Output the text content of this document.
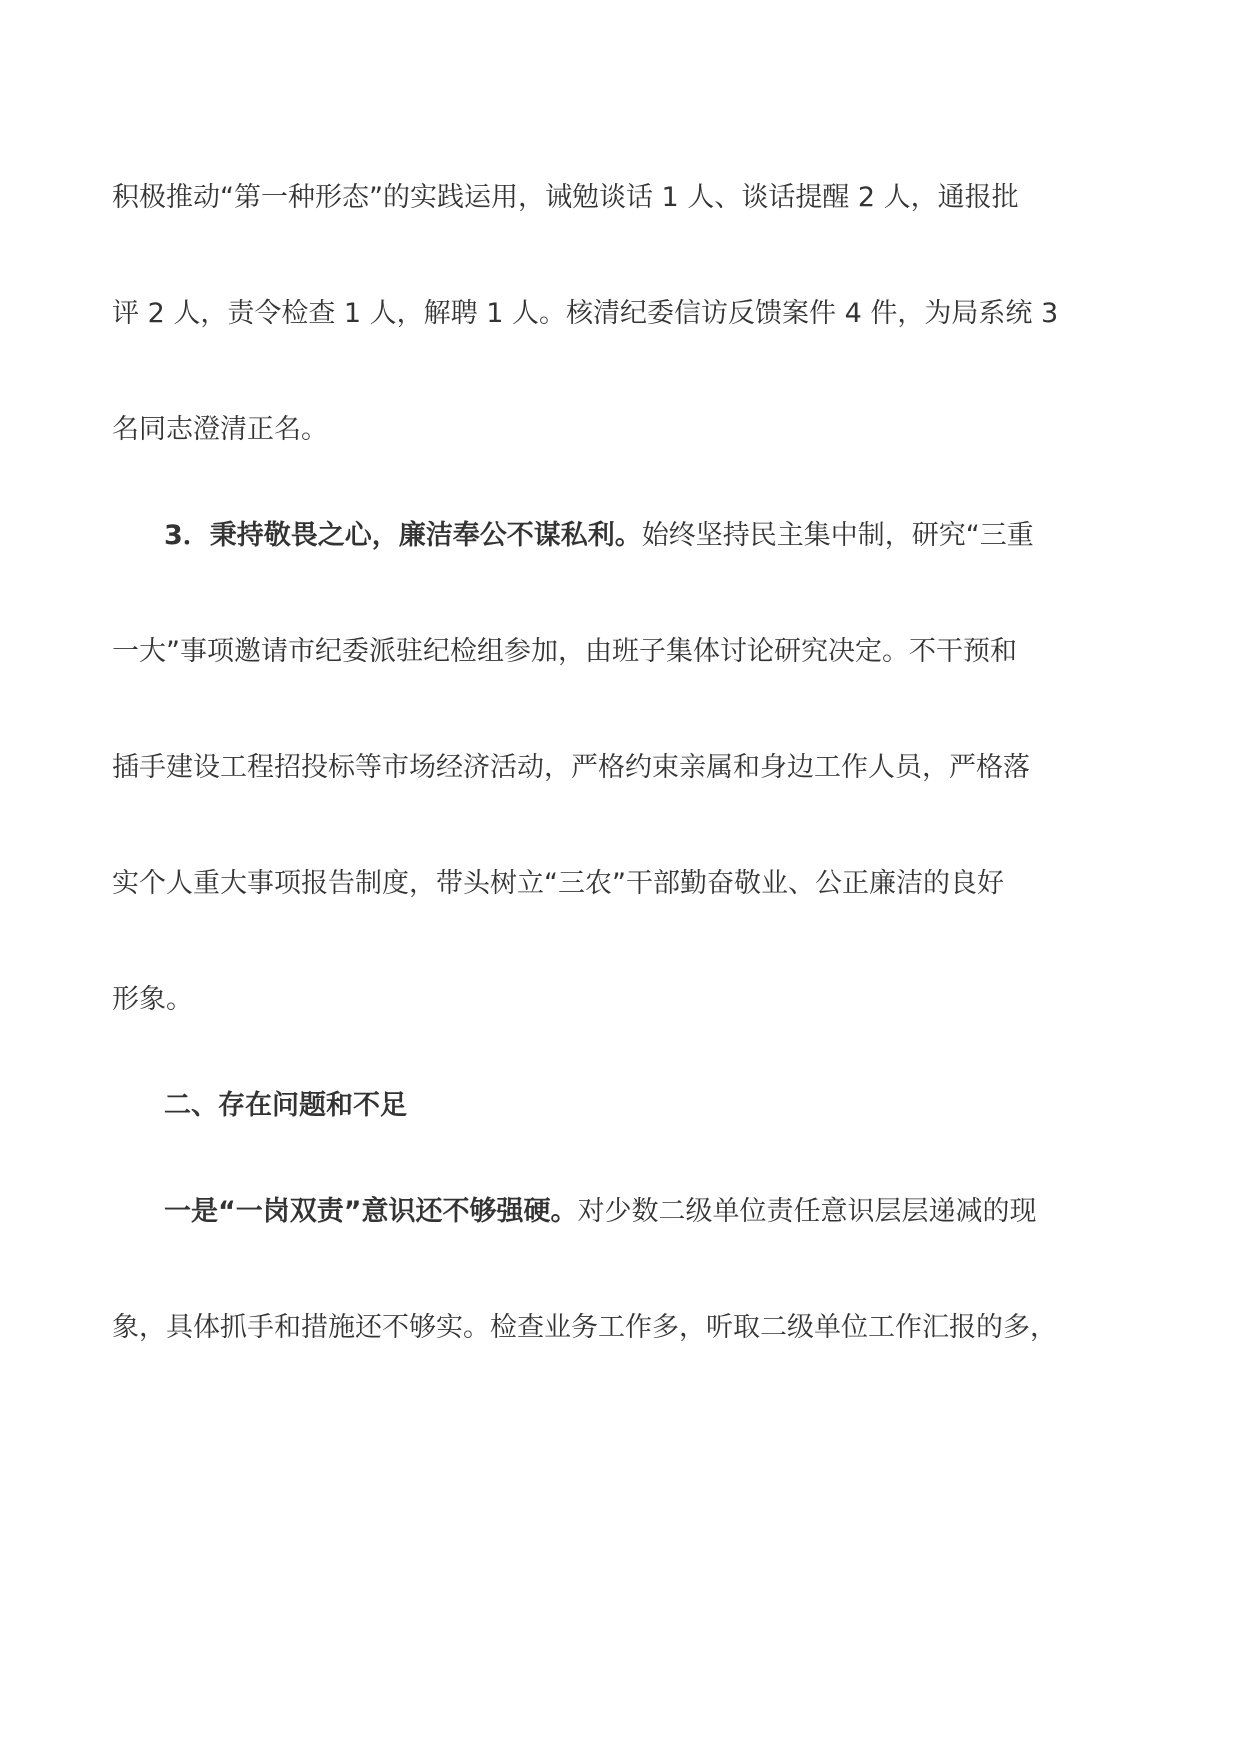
积极推动“第一种形态”的实践运用，诫勉谈话 1 人、谈话提醒 2 人，通报批
评 2 人，责令检查 1 人，解聘 1 人。核清纪委信访反馈案件 4 件，为局系统 3
名同志澄清正名。
3．秉持敬畏之心，廉洁奉公不谋私利。始终坚持民主集中制，研究“三重
一大”事项邀请市纪委派驻纪检组参加，由班子集体讨论研究决定。不干预和
插手建设工程招投标等市场经济活动，严格约束亲属和身边工作人员，严格落
实个人重大事项报告制度，带头树立“三农”干部勤奋敬业、公正廉洁的良好
形象。
二、存在问题和不足
一是“一岗双责”意识还不够强硬。对少数二级单位责任意识层层递减的现
象，具体抓手和措施还不够实。检查业务工作多，听取二级单位工作汇报的多，
